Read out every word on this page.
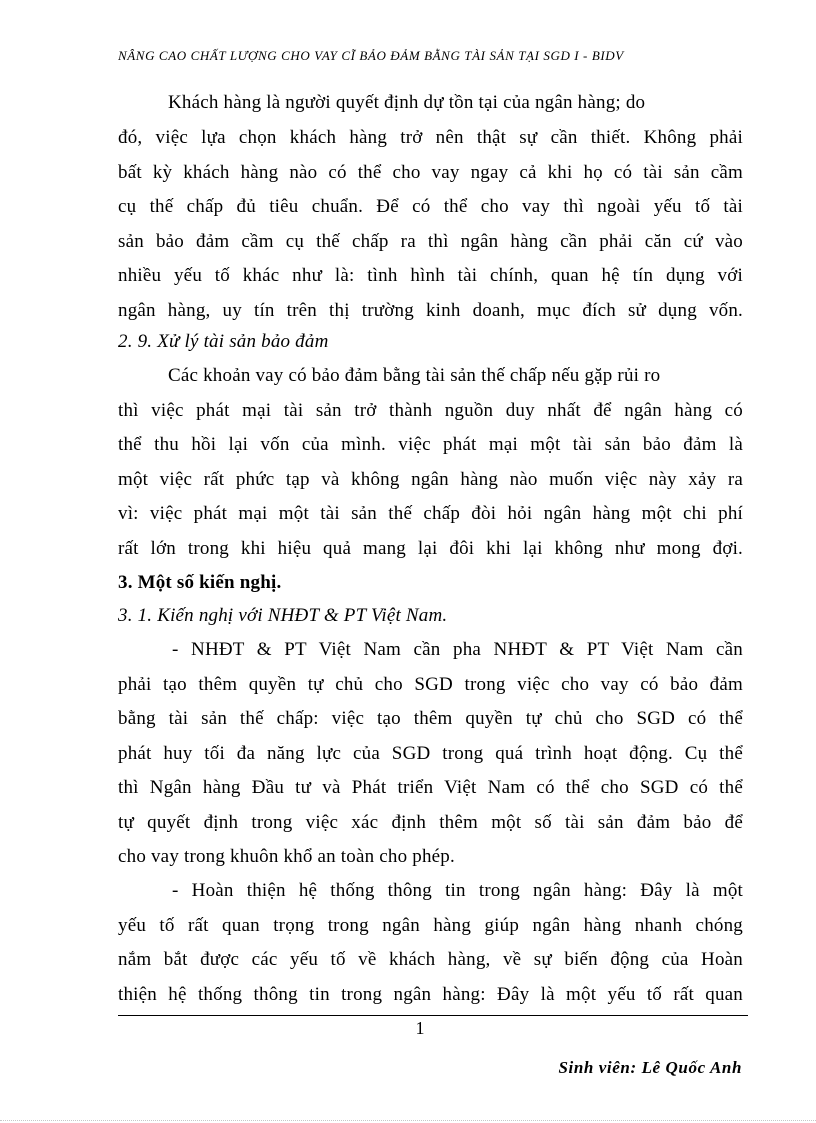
NÂNG CAO CHẤT LƯỢNG CHO VAY CĨ BẢO ĐẢM BẰNG TÀI SẢN TẠI SGD I - BIDV
Khách hàng là người quyết định dự tồn tại của ngân hàng; do
đó, việc lựa chọn khách hàng trở nên thật sự cần thiết. Không phải
bất kỳ khách hàng nào có thể cho vay ngay cả khi họ có tài sản cầm
cụ thế chấp đủ tiêu chuẩn. Để có thể cho vay thì ngoài yếu tố tài
sản bảo đảm cầm cụ thế chấp ra thì ngân hàng cần phải căn cứ vào
nhiều yếu tố khác như là: tình hình tài chính, quan hệ tín dụng với
ngân hàng, uy tín trên thị trường kinh doanh, mục đích sử dụng vốn.
2. 9. Xử lý tài sản bảo đảm
Các khoản vay có bảo đảm bằng tài sản thế chấp nếu gặp rủi ro
thì việc phát mại tài sản trở thành nguồn duy nhất để ngân hàng có
thể thu hồi lại vốn của mình. việc phát mại một tài sản bảo đảm là
một việc rất phức tạp và không ngân hàng nào muốn việc này xảy ra
vì: việc phát mại một tài sản thế chấp đòi hỏi ngân hàng một chi phí
rất lớn trong khi hiệu quả mang lại đôi khi lại không như mong đợi.
3. Một số kiến nghị.
3. 1. Kiến nghị với NHĐT & PT Việt Nam.
- NHĐT & PT Việt Nam cần pha NHĐT & PT Việt Nam cần
phải tạo thêm quyền tự chủ cho SGD trong việc cho vay có bảo đảm
bằng tài sản thế chấp: việc tạo thêm quyền tự chủ cho SGD có thể
phát huy tối đa năng lực của SGD trong quá trình hoạt động. Cụ thể
thì Ngân hàng Đầu tư và Phát triển Việt Nam có thể cho SGD có thể
tự quyết định trong việc xác định thêm một số tài sản đảm bảo để
cho vay trong khuôn khổ an toàn cho phép.
- Hoàn thiện hệ thống thông tin trong ngân hàng: Đây là một
yếu tố rất quan trọng trong ngân hàng giúp ngân hàng nhanh chóng
nắm bắt được các yếu tố về khách hàng, về sự biến động của Hoàn
thiện hệ thống thông tin trong ngân hàng: Đây là một yếu tố rất quan
1
Sinh viên: Lê Quốc Anh
